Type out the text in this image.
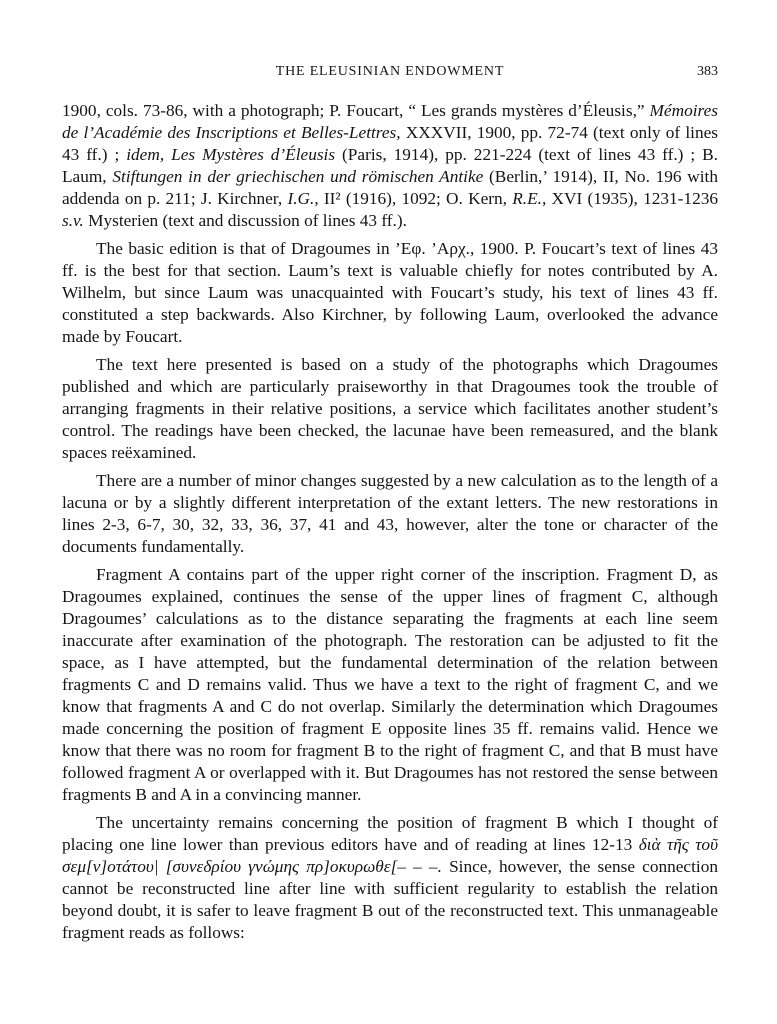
THE ELEUSINIAN ENDOWMENT	383

1900, cols. 73-86, with a photograph; P. Foucart, “ Les grands mystères d’Éleusis,” Mémoires de l’Académie des Inscriptions et Belles-Lettres, XXXVII, 1900, pp. 72-74 (text only of lines 43 ff.) ; idem, Les Mystères d’Éleusis (Paris, 1914), pp. 221-224 (text of lines 43 ff.) ; B. Laum, Stiftungen in der griechischen und römischen Antike (Berlin,’ 1914), II, No. 196 with addenda on p. 211; J. Kirchner, I.G., II² (1916), 1092; O. Kern, R.E., XVI (1935), 1231-1236 s.v. Mysterien (text and discussion of lines 43 ff.).

The basic edition is that of Dragoumes in ’Εφ. ’Αρχ., 1900. P. Foucart’s text of lines 43 ff. is the best for that section. Laum’s text is valuable chiefly for notes contributed by A. Wilhelm, but since Laum was unacquainted with Foucart’s study, his text of lines 43 ff. constituted a step backwards. Also Kirchner, by following Laum, overlooked the advance made by Foucart.

The text here presented is based on a study of the photographs which Dragoumes published and which are particularly praiseworthy in that Dragoumes took the trouble of arranging fragments in their relative positions, a service which facilitates another student’s control. The readings have been checked, the lacunae have been remeasured, and the blank spaces reëxamined.

There are a number of minor changes suggested by a new calculation as to the length of a lacuna or by a slightly different interpretation of the extant letters. The new restorations in lines 2-3, 6-7, 30, 32, 33, 36, 37, 41 and 43, however, alter the tone or character of the documents fundamentally.

Fragment A contains part of the upper right corner of the inscription. Fragment D, as Dragoumes explained, continues the sense of the upper lines of fragment C, although Dragoumes’ calculations as to the distance separating the fragments at each line seem inaccurate after examination of the photograph. The restoration can be adjusted to fit the space, as I have attempted, but the fundamental determination of the relation between fragments C and D remains valid. Thus we have a text to the right of fragment C, and we know that fragments A and C do not overlap. Similarly the determination which Dragoumes made concerning the position of fragment E opposite lines 35 ff. remains valid. Hence we know that there was no room for fragment B to the right of fragment C, and that B must have followed fragment A or overlapped with it. But Dragoumes has not restored the sense between fragments B and A in a convincing manner.

The uncertainty remains concerning the position of fragment B which I thought of placing one line lower than previous editors have and of reading at lines 12-13 διὰ τῆς τοῦ σεμ[ν]οτάτου| [συνεδρίου γνώμης πρ]οκυρωθε[– – –. Since, however, the sense connection cannot be reconstructed line after line with sufficient regularity to establish the relation beyond doubt, it is safer to leave fragment B out of the reconstructed text. This unmanageable fragment reads as follows:
